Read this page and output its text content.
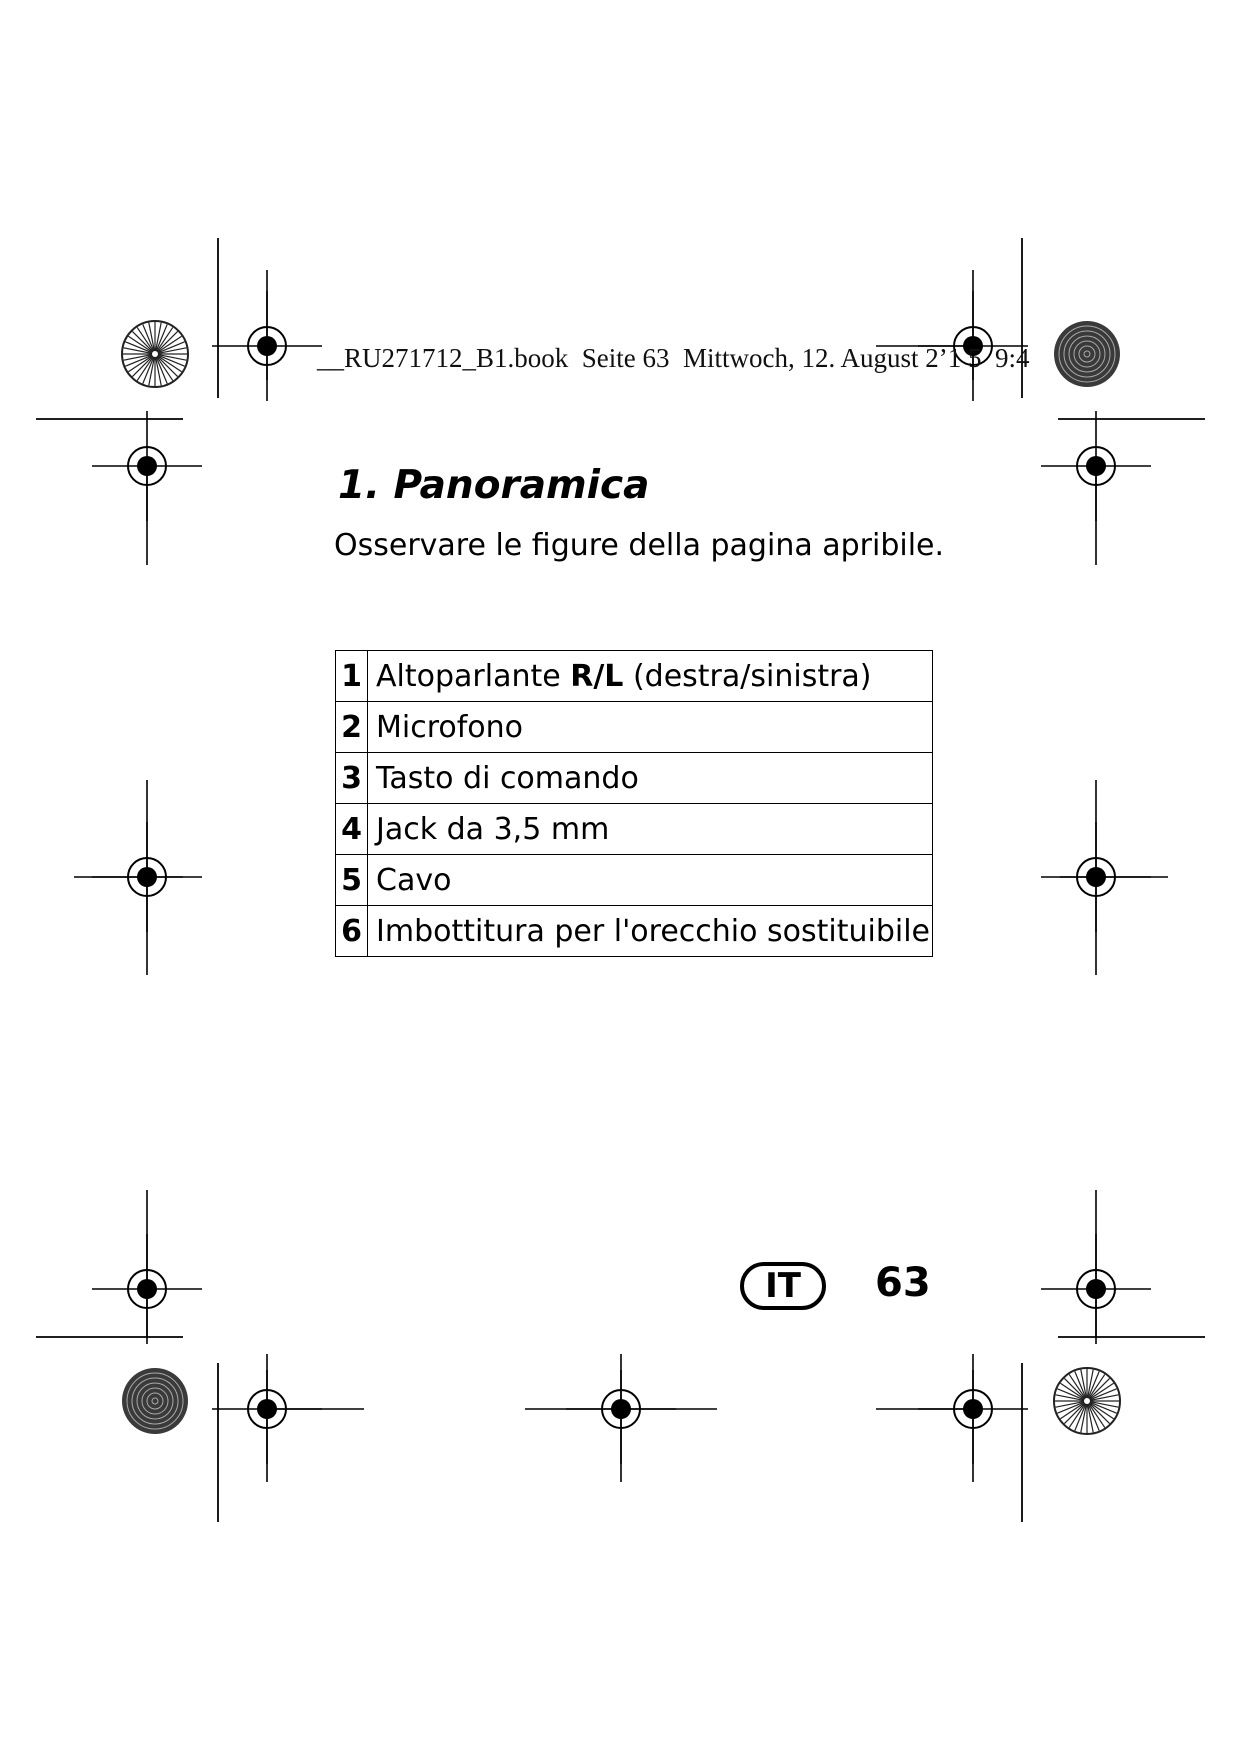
__RU271712_B1.book  Seite 63  Mittwoch, 12. August 2’1 5  9:4
1. Panoramica

Osservare le figure della pagina apribile.

1	Altoparlante R/L (destra/sinistra)
2	Microfono
3	Tasto di comando
4	Jack da 3,5 mm
5	Cavo
6	Imbottitura per l'orecchio sostituibile
IT	63
